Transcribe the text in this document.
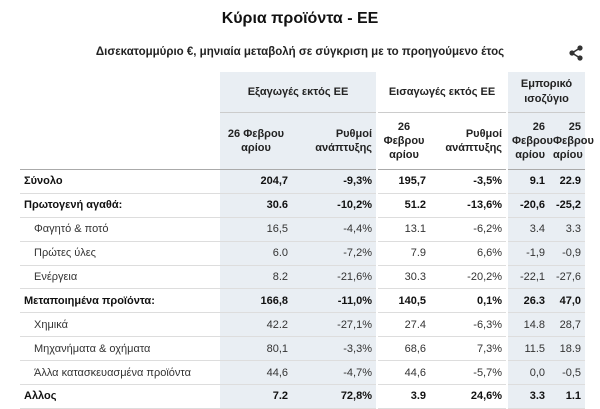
Κύρια προϊόντα - ΕΕ
Δισεκατομμύριο €, μηνιαία μεταβολή σε σύγκριση με το προηγούμενο έτος
	Εξαγωγές εκτός ΕΕ		Εισαγωγές εκτός ΕΕ		Εμπορικό ισοζύγιο	
	26 Φεβρου αρίου	Ρυθμοί ανάπτυξης	26 Φεβρου αρίου	Ρυθμοί ανάπτυξης	26 Φεβρου αρίου	25 Φεβρου αρίου
Σύνολο	204,7	-9,3%	195,7	-3,5%	9.1	22.9
Πρωτογενή αγαθά:	30.6	-10,2%	51.2	-13,6%	-20,6	-25,2
Φαγητό & ποτό	16,5	-4,4%	13.1	-6,2%	3.4	3.3
Πρώτες ύλες	6.0	-7,2%	7.9	6,6%	-1,9	-0,9
Ενέργεια	8.2	-21,6%	30.3	-20,2%	-22,1	-27,6
Μεταποιημένα προϊόντα:	166,8	-11,0%	140,5	0,1%	26.3	47,0
Χημικά	42.2	-27,1%	27.4	-6,3%	14.8	28,7
Μηχανήματα & οχήματα	80,1	-3,3%	68,6	7,3%	11.5	18.9
Άλλα κατασκευασμένα προϊόντα	44,6	-4,7%	44,6	-5,7%	0,0	-0,5
Αλλος	7.2	72,8%	3.9	24,6%	3.3	1.1
